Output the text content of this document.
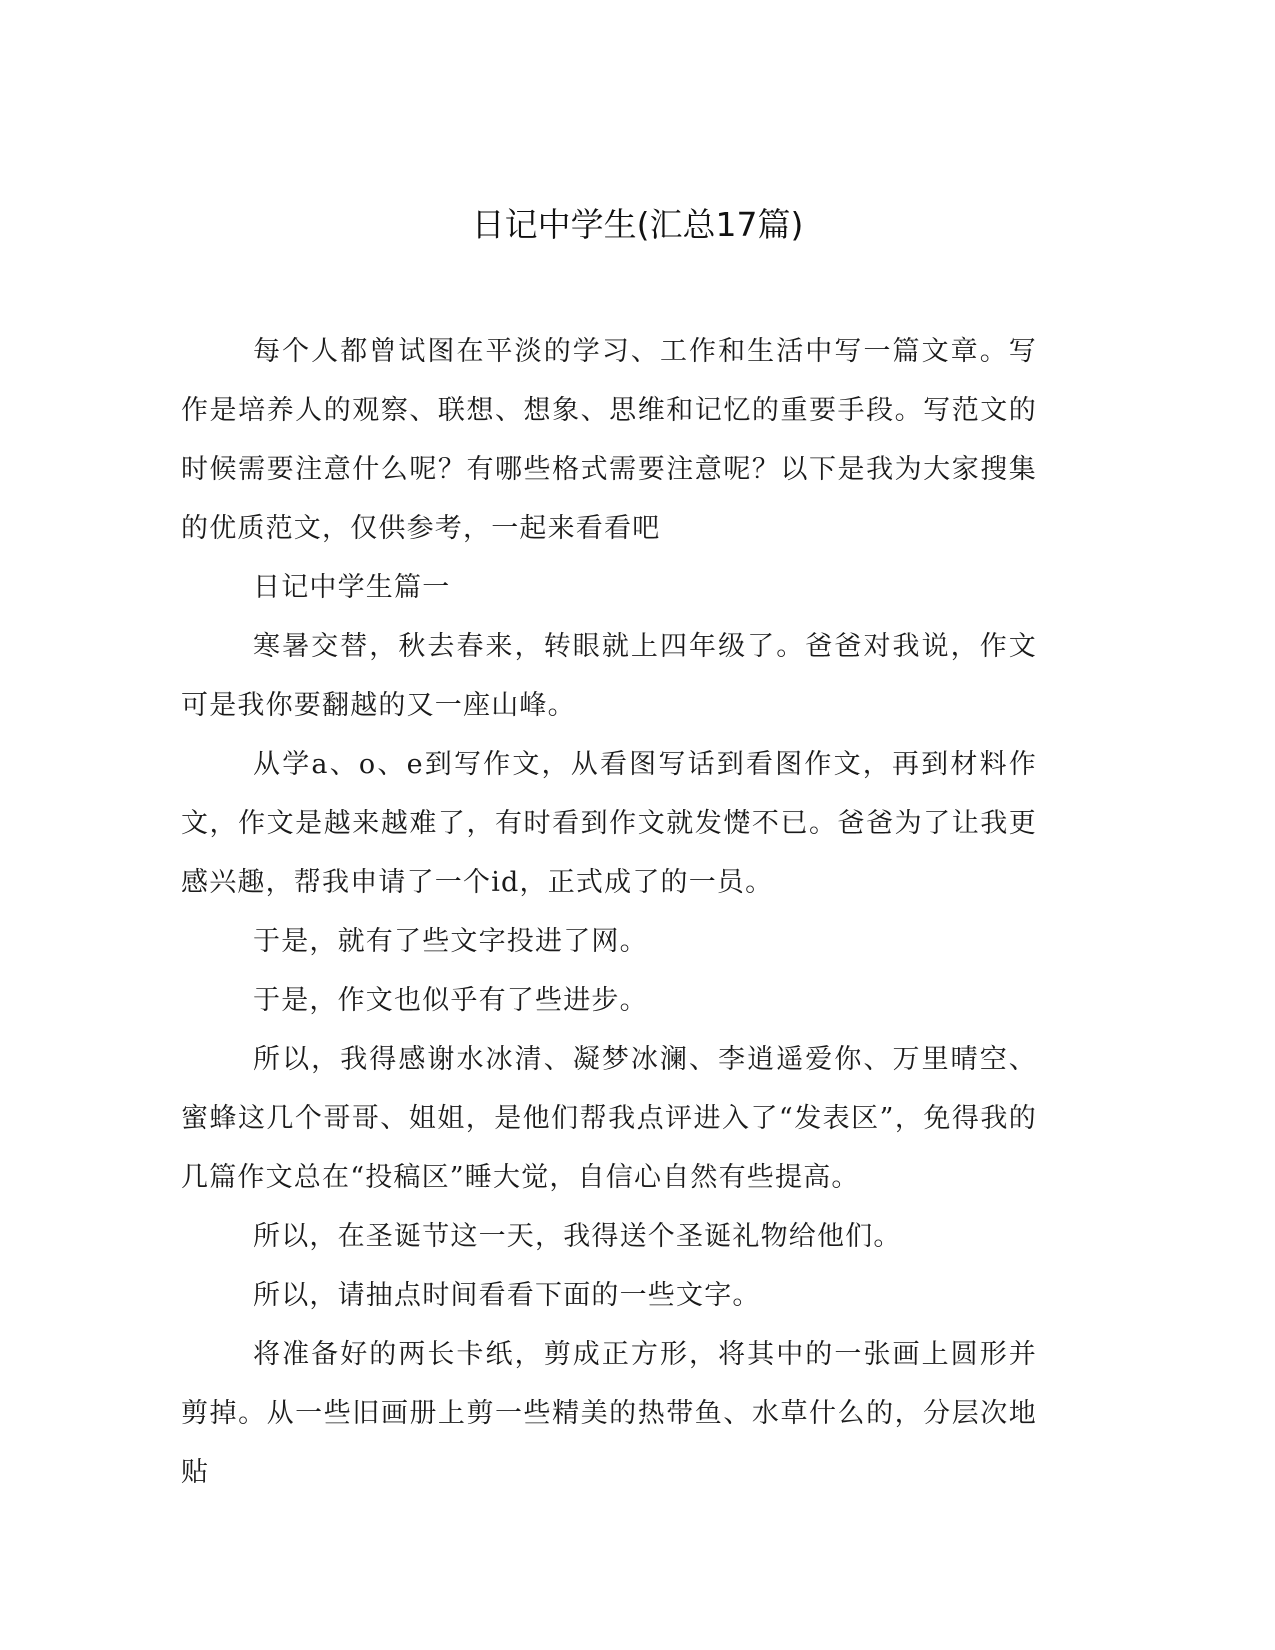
日记中学生(汇总17篇)

每个人都曾试图在平淡的学习、工作和生活中写一篇文章。写作是培养人的观察、联想、想象、思维和记忆的重要手段。写范文的时候需要注意什么呢？有哪些格式需要注意呢？以下是我为大家搜集的优质范文，仅供参考，一起来看看吧

日记中学生篇一

寒暑交替，秋去春来，转眼就上四年级了。爸爸对我说，作文可是我你要翻越的又一座山峰。

从学a、o、e到写作文，从看图写话到看图作文，再到材料作文，作文是越来越难了，有时看到作文就发憷不已。爸爸为了让我更感兴趣，帮我申请了一个id，正式成了的一员。

于是，就有了些文字投进了网。

于是，作文也似乎有了些进步。

所以，我得感谢水冰清、凝梦冰澜、李逍遥爱你、万里晴空、蜜蜂这几个哥哥、姐姐，是他们帮我点评进入了“发表区”，免得我的几篇作文总在“投稿区”睡大觉，自信心自然有些提高。

所以，在圣诞节这一天，我得送个圣诞礼物给他们。

所以，请抽点时间看看下面的一些文字。

将准备好的两长卡纸，剪成正方形，将其中的一张画上圆形并剪掉。从一些旧画册上剪一些精美的热带鱼、水草什么的，分层次地贴
